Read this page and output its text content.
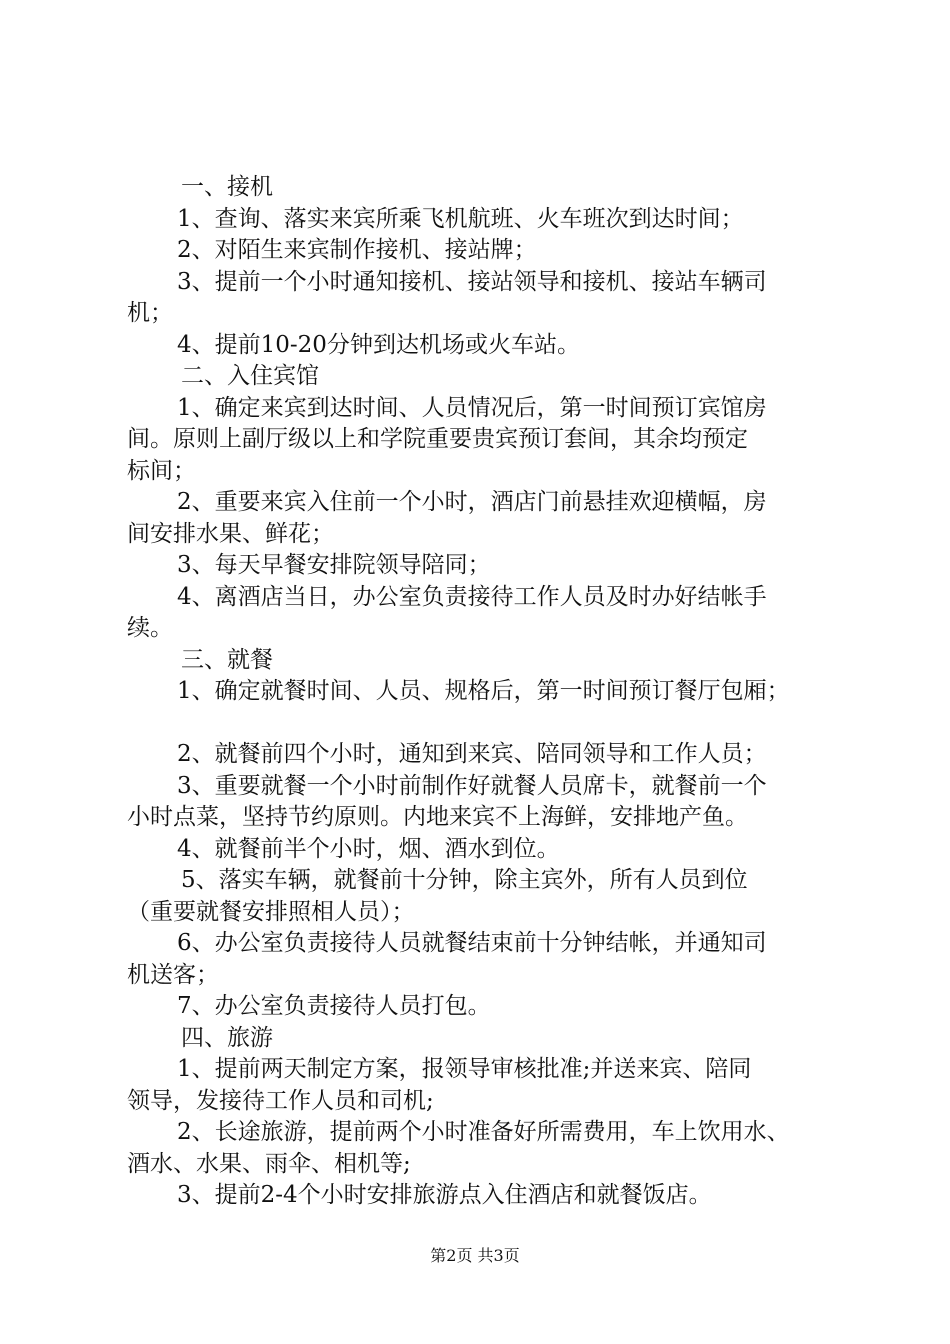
一、接机
1、查询、落实来宾所乘飞机航班、火车班次到达时间；
2、对陌生来宾制作接机、接站牌；
3、提前一个小时通知接机、接站领导和接机、接站车辆司
机；
4、提前10-20分钟到达机场或火车站。
二、入住宾馆
1、确定来宾到达时间、人员情况后，第一时间预订宾馆房
间。原则上副厅级以上和学院重要贵宾预订套间，其余均预定
标间；
2、重要来宾入住前一个小时，酒店门前悬挂欢迎横幅，房
间安排水果、鲜花；
3、每天早餐安排院领导陪同；
4、离酒店当日，办公室负责接待工作人员及时办好结帐手
续。
三、就餐
1、确定就餐时间、人员、规格后，第一时间预订餐厅包厢；
2、就餐前四个小时，通知到来宾、陪同领导和工作人员；
3、重要就餐一个小时前制作好就餐人员席卡，就餐前一个
小时点菜，坚持节约原则。内地来宾不上海鲜，安排地产鱼。
4、就餐前半个小时，烟、酒水到位。
5、落实车辆，就餐前十分钟，除主宾外，所有人员到位
（重要就餐安排照相人员）；
6、办公室负责接待人员就餐结束前十分钟结帐，并通知司
机送客；
7、办公室负责接待人员打包。
四、旅游
1、提前两天制定方案，报领导审核批准;并送来宾、陪同
领导，发接待工作人员和司机;
2、长途旅游，提前两个小时准备好所需费用，车上饮用水、
酒水、水果、雨伞、相机等;
3、提前2-4个小时安排旅游点入住酒店和就餐饭店。
第2页 共3页
